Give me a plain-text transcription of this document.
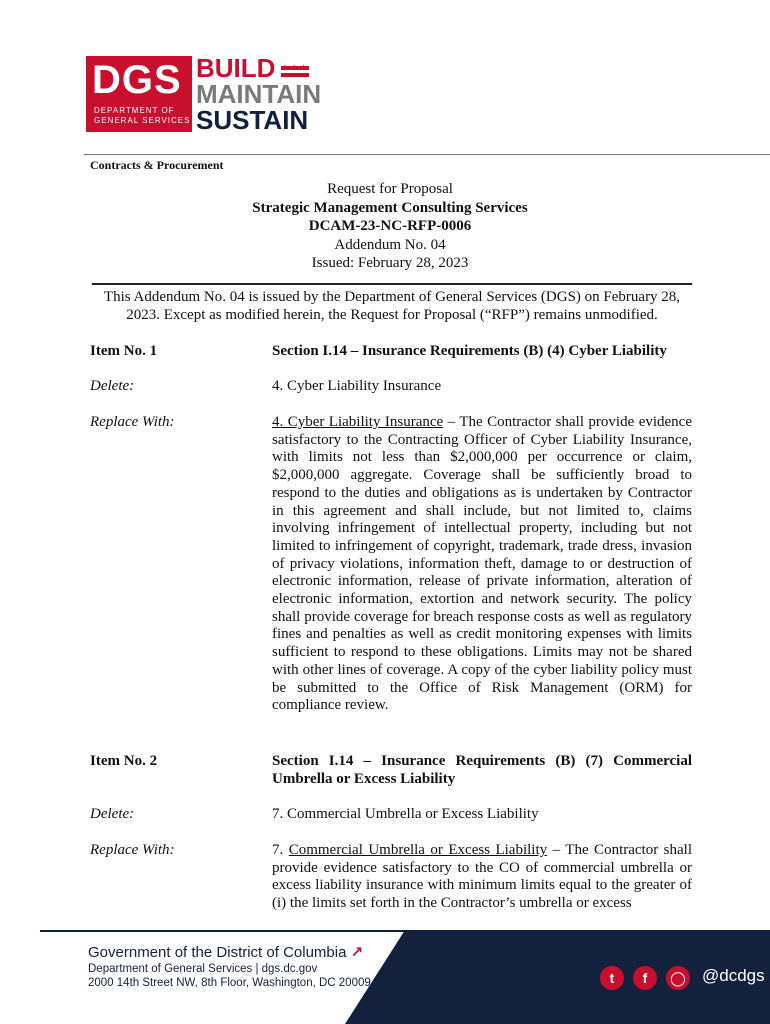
DGS
DEPARTMENT OF
GENERAL SERVICES
BUILD
MAINTAIN
SUSTAIN
Contracts & Procurement
Request for Proposal
Strategic Management Consulting Services
DCAM-23-NC-RFP-0006
Addendum No. 04
Issued: February 28, 2023
This Addendum No. 04 is issued by the Department of General Services (DGS) on February 28, 2023. Except as modified herein, the Request for Proposal (“RFP”) remains unmodified.
Item No. 1	Section I.14 – Insurance Requirements (B) (4) Cyber Liability
Delete:	4. Cyber Liability Insurance
Replace With:	4. Cyber Liability Insurance – The Contractor shall provide evidence satisfactory to the Contracting Officer of Cyber Liability Insurance, with limits not less than $2,000,000 per occurrence or claim, $2,000,000 aggregate. Coverage shall be sufficiently broad to respond to the duties and obligations as is undertaken by Contractor in this agreement and shall include, but not limited to, claims involving infringement of intellectual property, including but not limited to infringement of copyright, trademark, trade dress, invasion of privacy violations, information theft, damage to or destruction of electronic information, release of private information, alteration of electronic information, extortion and network security. The policy shall provide coverage for breach response costs as well as regulatory fines and penalties as well as credit monitoring expenses with limits sufficient to respond to these obligations. Limits may not be shared with other lines of coverage. A copy of the cyber liability policy must be submitted to the Office of Risk Management (ORM) for compliance review.
Item No. 2	Section I.14 – Insurance Requirements (B) (7) Commercial Umbrella or Excess Liability
Delete:	7. Commercial Umbrella or Excess Liability
Replace With:	7. Commercial Umbrella or Excess Liability – The Contractor shall provide evidence satisfactory to the CO of commercial umbrella or excess liability insurance with minimum limits equal to the greater of (i) the limits set forth in the Contractor’s umbrella or excess
Government of the District of Columbia ↗
Department of General Services | dgs.dc.gov
2000 14th Street NW, 8th Floor, Washington, DC 20009	t	f	◯ @dcdgs
